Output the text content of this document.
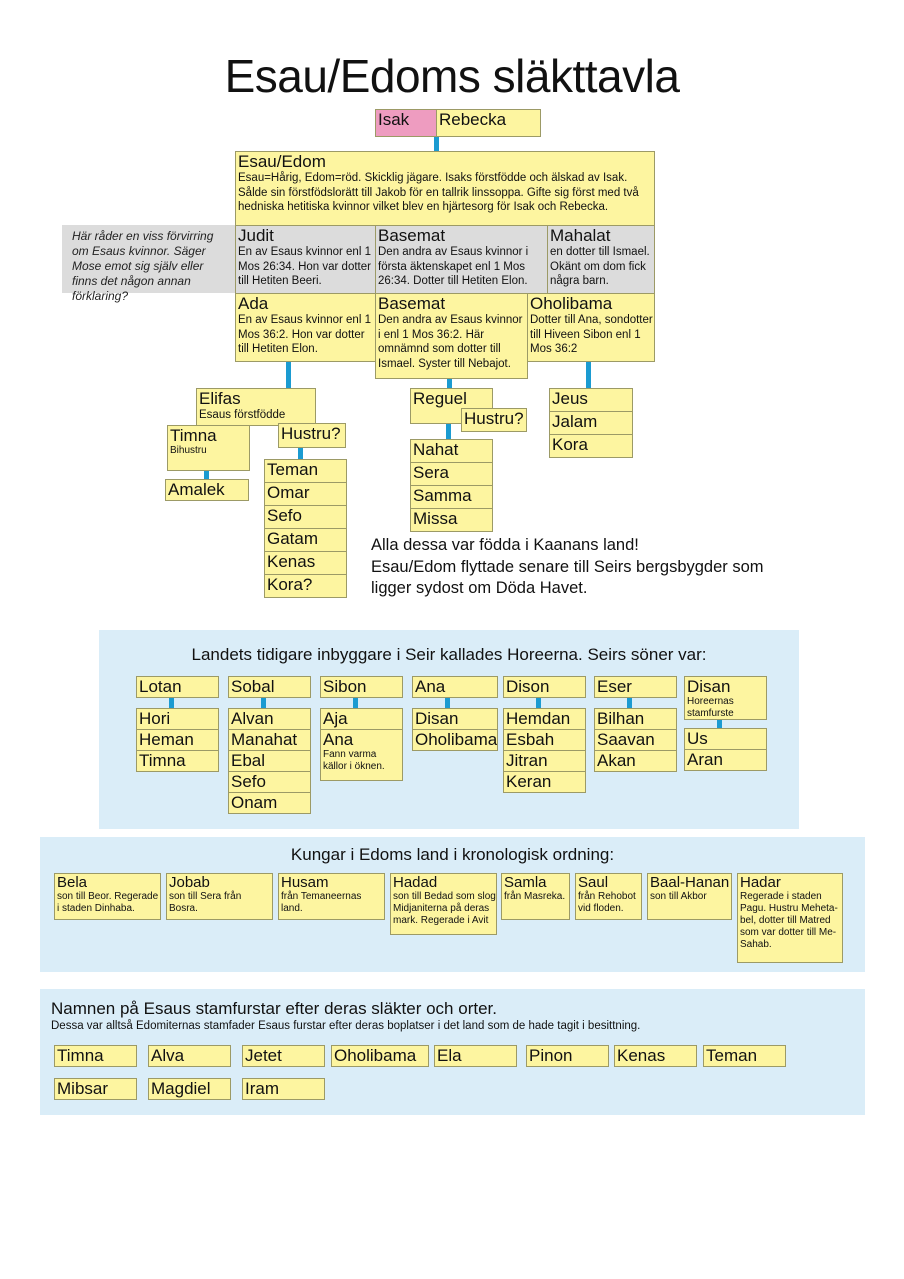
Esau/Edoms släkttavla
Isak	Rebecka
Esau/Edom
Esau=Hårig, Edom=röd. Skicklig jägare. Isaks förstfödde och älskad av Isak. Sålde sin förstfödslorätt till Jakob för en tallrik linssoppa. Gifte sig först med två hedniska hetitiska kvinnor vilket blev en hjärtesorg för Isak och Rebecka.
Här råder en viss förvirring om Esaus kvinnor. Säger Mose emot sig själv eller finns det någon annan förklaring?
Judit
En av Esaus kvinnor enl 1 Mos 26:34. Hon var dotter till Hetiten Beeri.
Basemat
Den andra av Esaus kvinnor i första äktenskapet enl 1 Mos 26:34. Dotter till Hetiten Elon.
Mahalat
en dotter till Ismael. Okänt om dom fick några barn.
Ada
En av Esaus kvinnor enl 1 Mos 36:2. Hon var dotter till Hetiten Elon.
Basemat
Den andra av Esaus kvinnor i enl 1 Mos 36:2. Här omnämnd som dotter till Ismael. Syster till Nebajot.
Oholibama
Dotter till Ana, sondotter till Hiveen Sibon enl 1 Mos 36:2
Elifas
Esaus förstfödde
Timna
Bihustru
Hustru?
Amalek
Teman
Omar
Sefo
Gatam
Kenas
Kora?
Reguel
Hustru?
Nahat
Sera
Samma
Missa
Jeus
Jalam
Kora
Alla dessa var födda i Kaanans land!
Esau/Edom flyttade senare till Seirs bergsbygder som
ligger sydost om Döda Havet.
Landets tidigare inbyggare i Seir kallades Horeerna. Seirs söner var:
Lotan
Hori
Heman
Timna
Sobal
Alvan
Manahat
Ebal
Sefo
Onam
Sibon
Aja
Ana
Fann varma källor i öknen.
Ana
Disan
Oholibama
Dison
Hemdan
Esbah
Jitran
Keran
Eser
Bilhan
Saavan
Akan
Disan
Horeernas stamfurste
Us
Aran
Kungar i Edoms land i kronologisk ordning:
Bela
son till Beor. Regerade i staden Dinhaba.
Jobab
son till Sera från Bosra.
Husam
från Temaneernas land.
Hadad
son till Bedad som slog Midjaniterna på deras mark. Regerade i Avit
Samla
från Masreka.
Saul
från Rehobot vid floden.
Baal-Hanan
son till Akbor
Hadar
Regerade i staden Pagu. Hustru Meheta-bel, dotter till Matred som var dotter till Me-Sahab.
Namnen på Esaus stamfurstar efter deras släkter och orter.
Dessa var alltså Edomiternas stamfader Esaus furstar efter deras boplatser i det land som de hade tagit i besittning.
Timna	Alva	Jetet	Oholibama	Ela	Pinon	Kenas	Teman
Mibsar	Magdiel	Iram
